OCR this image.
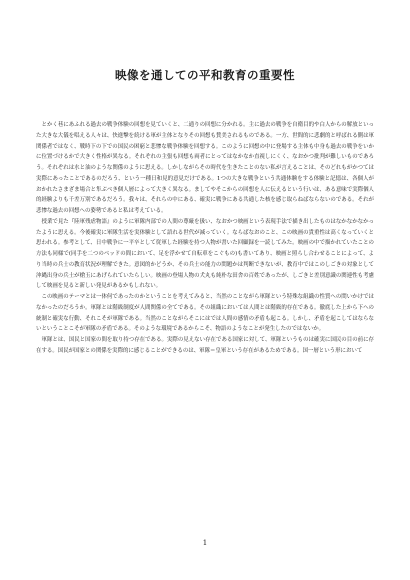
映像を通しての平和教育の重要性

とかく巷にあふれる過去の戦争体験の回想を見ていくと、二通りの回想に分かれる。主に過去の戦争を自衛目的や白人からの解放といった大きな大儀を唱える人々は、快進撃を続ける軍が主体となりその回想も賛美されるものである。一方、世間的に悲劇的と呼ばれる側は軍関係者ではなく、戦時下の下での国民の困窮と悲惨な戦争体験を回想する。このように回想の中に登場する主体も中身も過去の戦争をいかに位置づけるかで大きく性格が異なる。それぞれの主張も回想も両者にとってはなかなか直視しにくく、なおかつ批判が難しいものであろう。それぞれは水と油のような関係のように思える。しかしながらその時代を生きたことのない私が言えることは、そのどれもがかつては実際にあったことであるのだろう、という一種日和見的意見だけである。1つの大きな戦争という共通体験をする体験と記憶は、各個人がおかれたさまざま場合と隼ぶべき個人層によって大きく異なる。ましてやそこからの回想を人に伝えるという行いは、ある意味で実際個人的経験よりも千差万別であるだろう。我々は、それらの中にある、確実に戦争にある共通した核を感じ取らねばならないのである。それが悲惨な過去の回想への姿勢であると私は考えている。

授業で見た『陸軍残虐物語』のように軍隊内部での人間の尊厳を扱い、なおかつ映画という表現手法で描き出したものはなかなかなかったように思える。今後確実に軍隊生活を実体験として語れる世代が減っていく。ならばなおのこと、この映画の貴重性は高くなっていくと思われる。参考として、日中戦争に一平卒として従軍した経験を持つ人物が書いた回顧録を一読してみた。映画の中で描かれていたことの方法も同様で(同手を二つのベッドの間において、足を浮かせて自転車をこぐもの)も書いてあり、映画と照らし合わせることによって、より当時の兵士の教育状況が理解できた。意図的かどうか、その兵士の能力の問題かは判断できないが、教育中ではこのしごきの対象として沖縄出身の兵士が槍玉にあげられていたらしい。映画の登場人物の犬丸も純朴な田舎の百姓であったが、しごきと差別意識の関連性も考慮して映画を見ると新しい発見があるかもしれない。

この映画のテーマとは一体何であったのかということを考えてみると、当然のことながら軍隊という特殊な組織の性質への問いかけではなかったのだろうか。軍隊とは階級制度が人間関係の全てである。その組織においては人間とは階級的存在である。徹底した上から下への統制と確実な行動、それこそが軍隊である。当然のことながらそこにはでは人間の感情の矛盾も起こる。しかし、矛盾を起こしてはならないということこそが軍隊の矛盾である。そのような環境であるからこそ、物語のようなことが発生したのではないか。

軍隊とは、国民と国家の間を取り持つ存在である。実際の見えない存在である国家に対して、軍隊というものは確実に国民の目の前に存在する。国民が国家との関係を実際的に感じることができるのは、軍隊＝皇軍という存在があるためである。国一層という形において

1
